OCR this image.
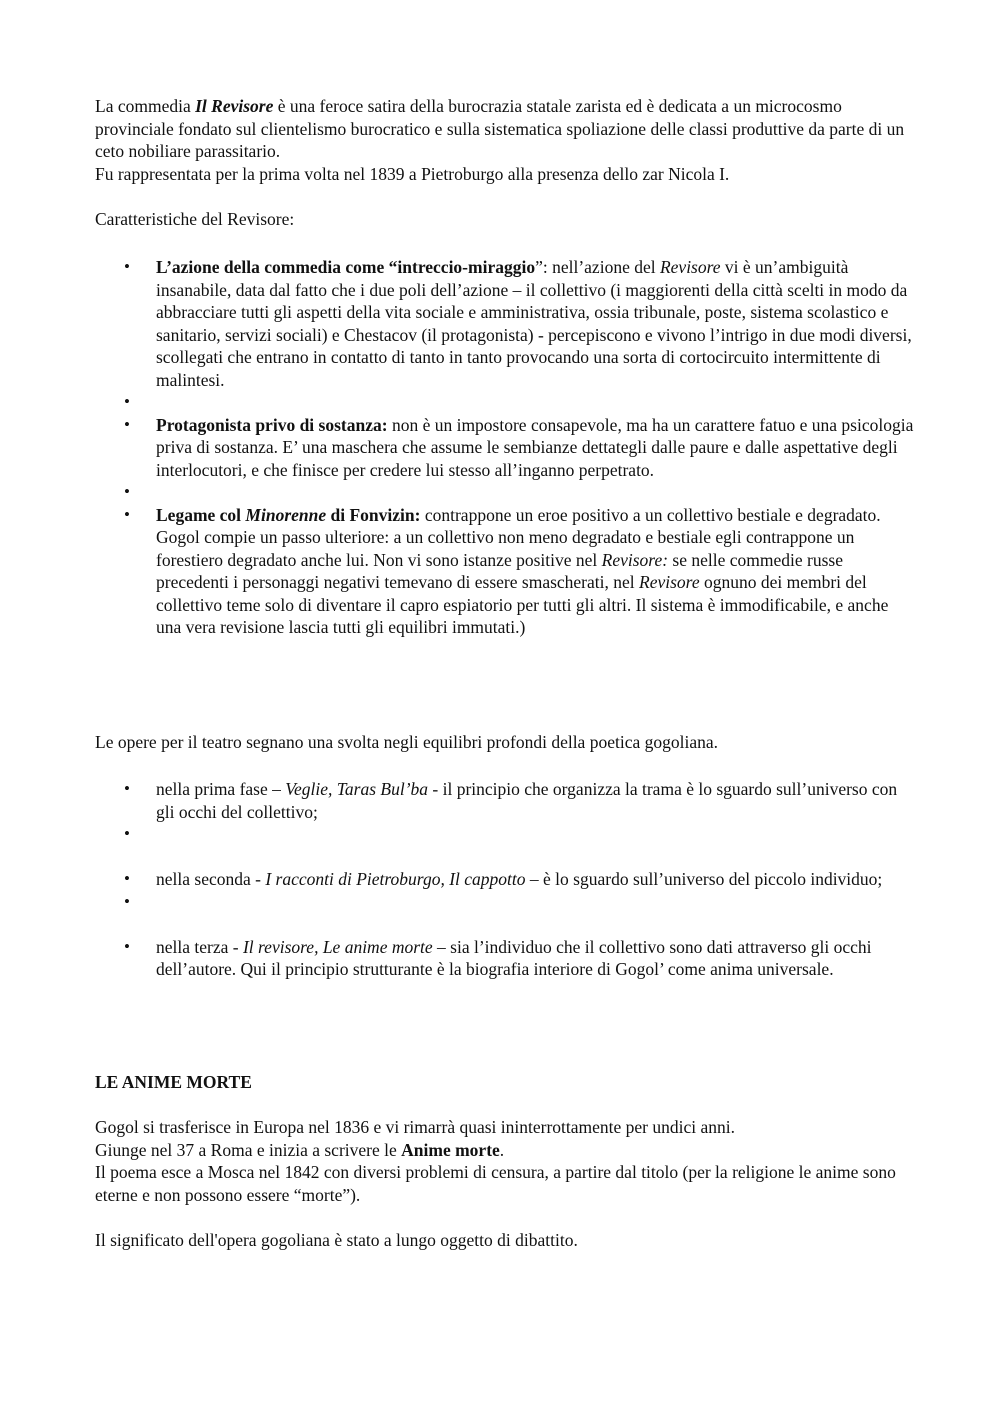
La commedia Il Revisore è una feroce satira della burocrazia statale zarista ed è dedicata a un microcosmo provinciale fondato sul clientelismo burocratico e sulla sistematica spoliazione delle classi produttive da parte di un ceto nobiliare parassitario.

Fu rappresentata per la prima volta nel 1839 a Pietroburgo alla presenza dello zar Nicola I.

Caratteristiche del Revisore:

• L’azione della commedia come “intreccio-miraggio”: nell’azione del Revisore vi è un’ambiguità insanabile, data dal fatto che i due poli dell’azione – il collettivo (i maggiorenti della città scelti in modo da abbracciare tutti gli aspetti della vita sociale e amministrativa, ossia tribunale, poste, sistema scolastico e sanitario, servizi sociali) e Chestacov (il protagonista) - percepiscono e vivono l’intrigo in due modi diversi, scollegati che entrano in contatto di tanto in tanto provocando una sorta di cortocircuito intermittente di malintesi.
•
• Protagonista privo di sostanza: non è un impostore consapevole, ma ha un carattere fatuo e una psicologia priva di sostanza. E’ una maschera che assume le sembianze dettategli dalle paure e dalle aspettative degli interlocutori, e che finisce per credere lui stesso all’inganno perpetrato.
•
• Legame col Minorenne di Fonvizin: contrappone un eroe positivo a un collettivo bestiale e degradato. Gogol compie un passo ulteriore: a un collettivo non meno degradato e bestiale egli contrappone un forestiero degradato anche lui. Non vi sono istanze positive nel Revisore: se nelle commedie russe precedenti i personaggi negativi temevano di essere smascherati, nel Revisore ognuno dei membri del collettivo teme solo di diventare il capro espiatorio per tutti gli altri. Il sistema è immodificabile, e anche una vera revisione lascia tutti gli equilibri immutati.)

Le opere per il teatro segnano una svolta negli equilibri profondi della poetica gogoliana.

• nella prima fase – Veglie, Taras Bul’ba - il principio che organizza la trama è lo sguardo sull’universo con gli occhi del collettivo;
•
• nella seconda - I racconti di Pietroburgo, Il cappotto – è lo sguardo sull’universo del piccolo individuo;
•
• nella terza - Il revisore, Le anime morte – sia l’individuo che il collettivo sono dati attraverso gli occhi dell’autore. Qui il principio strutturante è la biografia interiore di Gogol’ come anima universale.

LE ANIME MORTE

Gogol si trasferisce in Europa nel 1836 e vi rimarrà quasi ininterrottamente per undici anni.

Giunge nel 37 a Roma e inizia a scrivere le Anime morte.

Il poema esce a Mosca nel 1842 con diversi problemi di censura, a partire dal titolo (per la religione le anime sono eterne e non possono essere “morte”).

Il significato dell'opera gogoliana è stato a lungo oggetto di dibattito.
